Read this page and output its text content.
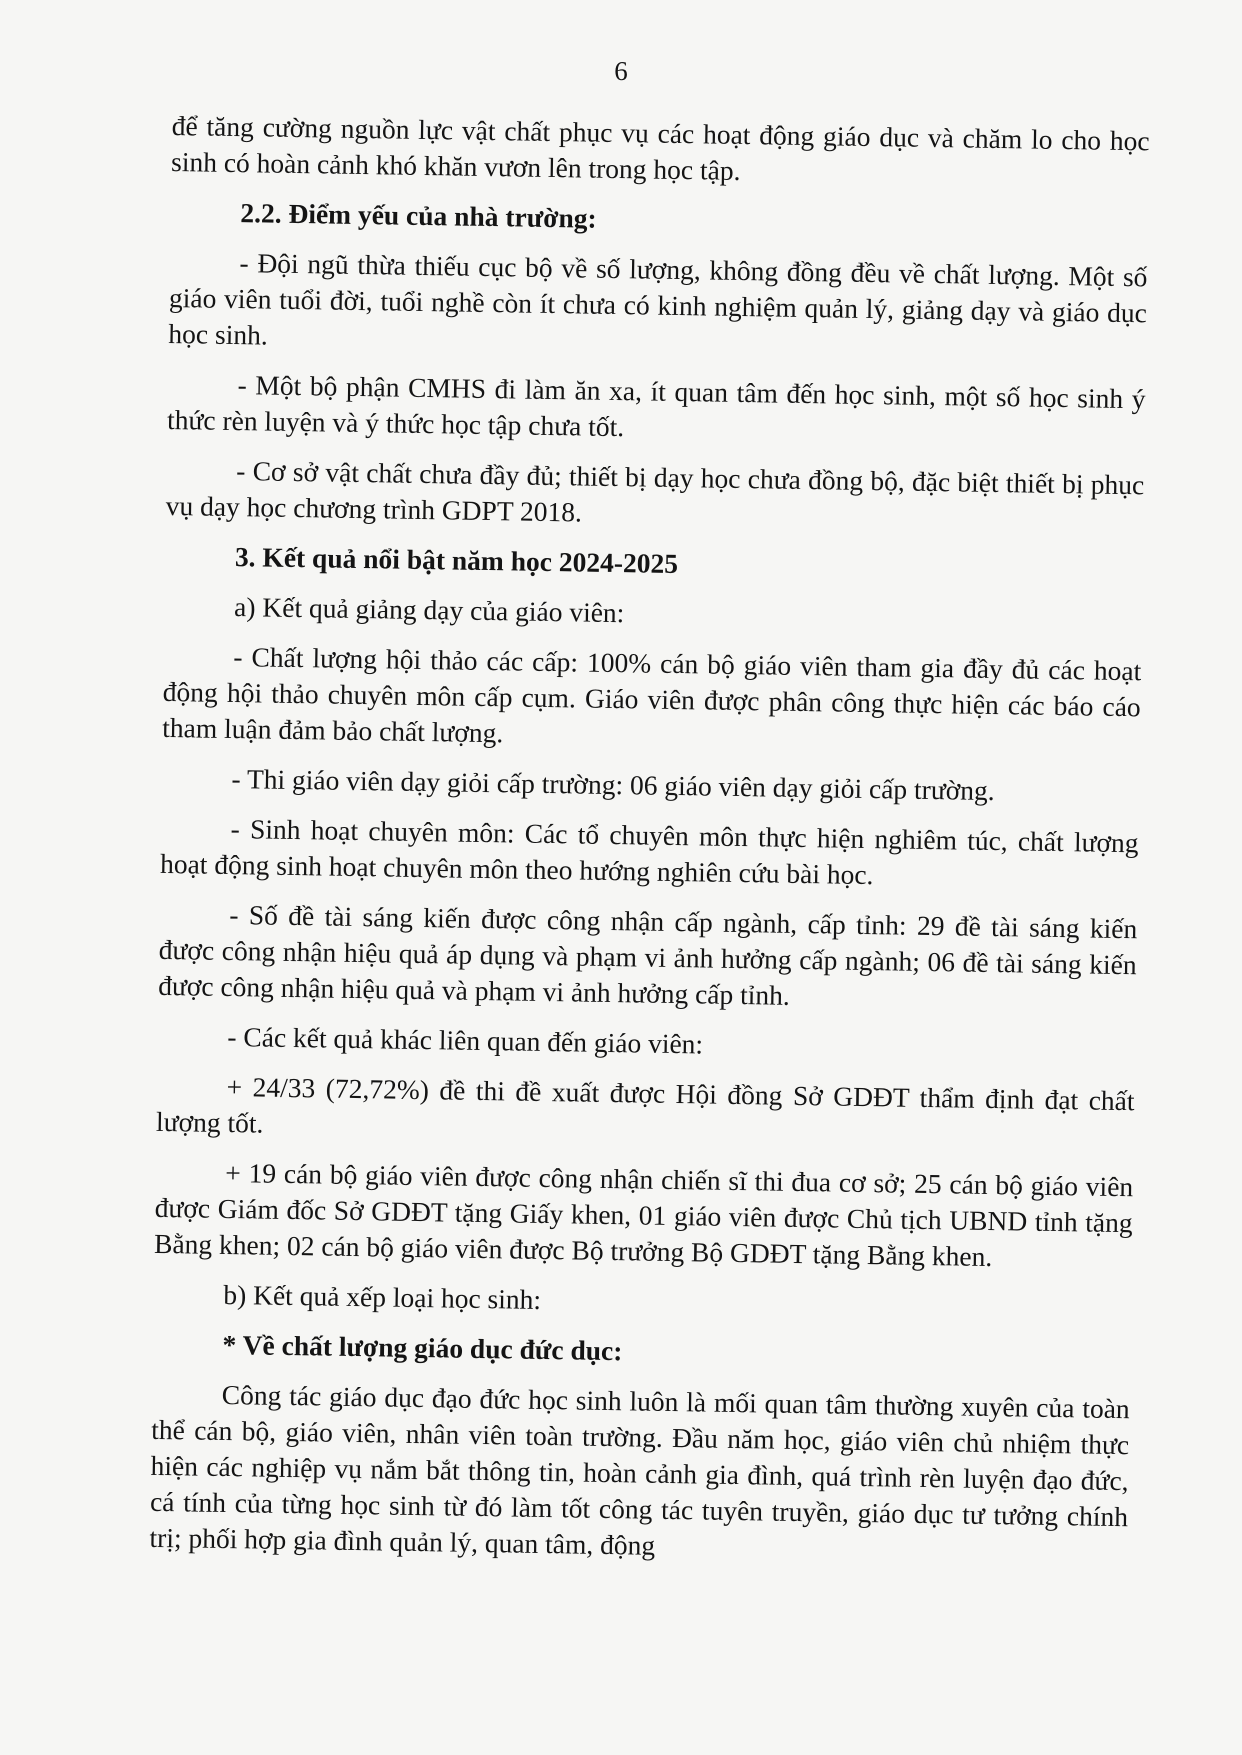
6

để tăng cường nguồn lực vật chất phục vụ các hoạt động giáo dục và chăm lo cho học sinh có hoàn cảnh khó khăn vươn lên trong học tập.

2.2. Điểm yếu của nhà trường:

- Đội ngũ thừa thiếu cục bộ về số lượng, không đồng đều về chất lượng. Một số giáo viên tuổi đời, tuổi nghề còn ít chưa có kinh nghiệm quản lý, giảng dạy và giáo dục học sinh.

- Một bộ phận CMHS đi làm ăn xa, ít quan tâm đến học sinh, một số học sinh ý thức rèn luyện và ý thức học tập chưa tốt.

- Cơ sở vật chất chưa đầy đủ; thiết bị dạy học chưa đồng bộ, đặc biệt thiết bị phục vụ dạy học chương trình GDPT 2018.

3. Kết quả nổi bật năm học 2024-2025

a) Kết quả giảng dạy của giáo viên:

- Chất lượng hội thảo các cấp: 100% cán bộ giáo viên tham gia đầy đủ các hoạt động hội thảo chuyên môn cấp cụm. Giáo viên được phân công thực hiện các báo cáo tham luận đảm bảo chất lượng.

- Thi giáo viên dạy giỏi cấp trường: 06 giáo viên dạy giỏi cấp trường.

- Sinh hoạt chuyên môn: Các tổ chuyên môn thực hiện nghiêm túc, chất lượng hoạt động sinh hoạt chuyên môn theo hướng nghiên cứu bài học.

- Số đề tài sáng kiến được công nhận cấp ngành, cấp tỉnh: 29 đề tài sáng kiến được công nhận hiệu quả áp dụng và phạm vi ảnh hưởng cấp ngành; 06 đề tài sáng kiến được công nhận hiệu quả và phạm vi ảnh hưởng cấp tỉnh.

- Các kết quả khác liên quan đến giáo viên:

+ 24/33 (72,72%) đề thi đề xuất được Hội đồng Sở GDĐT thẩm định đạt chất lượng tốt.

+ 19 cán bộ giáo viên được công nhận chiến sĩ thi đua cơ sở; 25 cán bộ giáo viên được Giám đốc Sở GDĐT tặng Giấy khen, 01 giáo viên được Chủ tịch UBND tỉnh tặng Bằng khen; 02 cán bộ giáo viên được Bộ trưởng Bộ GDĐT tặng Bằng khen.

b) Kết quả xếp loại học sinh:

* Về chất lượng giáo dục đức dục:

Công tác giáo dục đạo đức học sinh luôn là mối quan tâm thường xuyên của toàn thể cán bộ, giáo viên, nhân viên toàn trường. Đầu năm học, giáo viên chủ nhiệm thực hiện các nghiệp vụ nắm bắt thông tin, hoàn cảnh gia đình, quá trình rèn luyện đạo đức, cá tính của từng học sinh từ đó làm tốt công tác tuyên truyền, giáo dục tư tưởng chính trị; phối hợp gia đình quản lý, quan tâm, động
